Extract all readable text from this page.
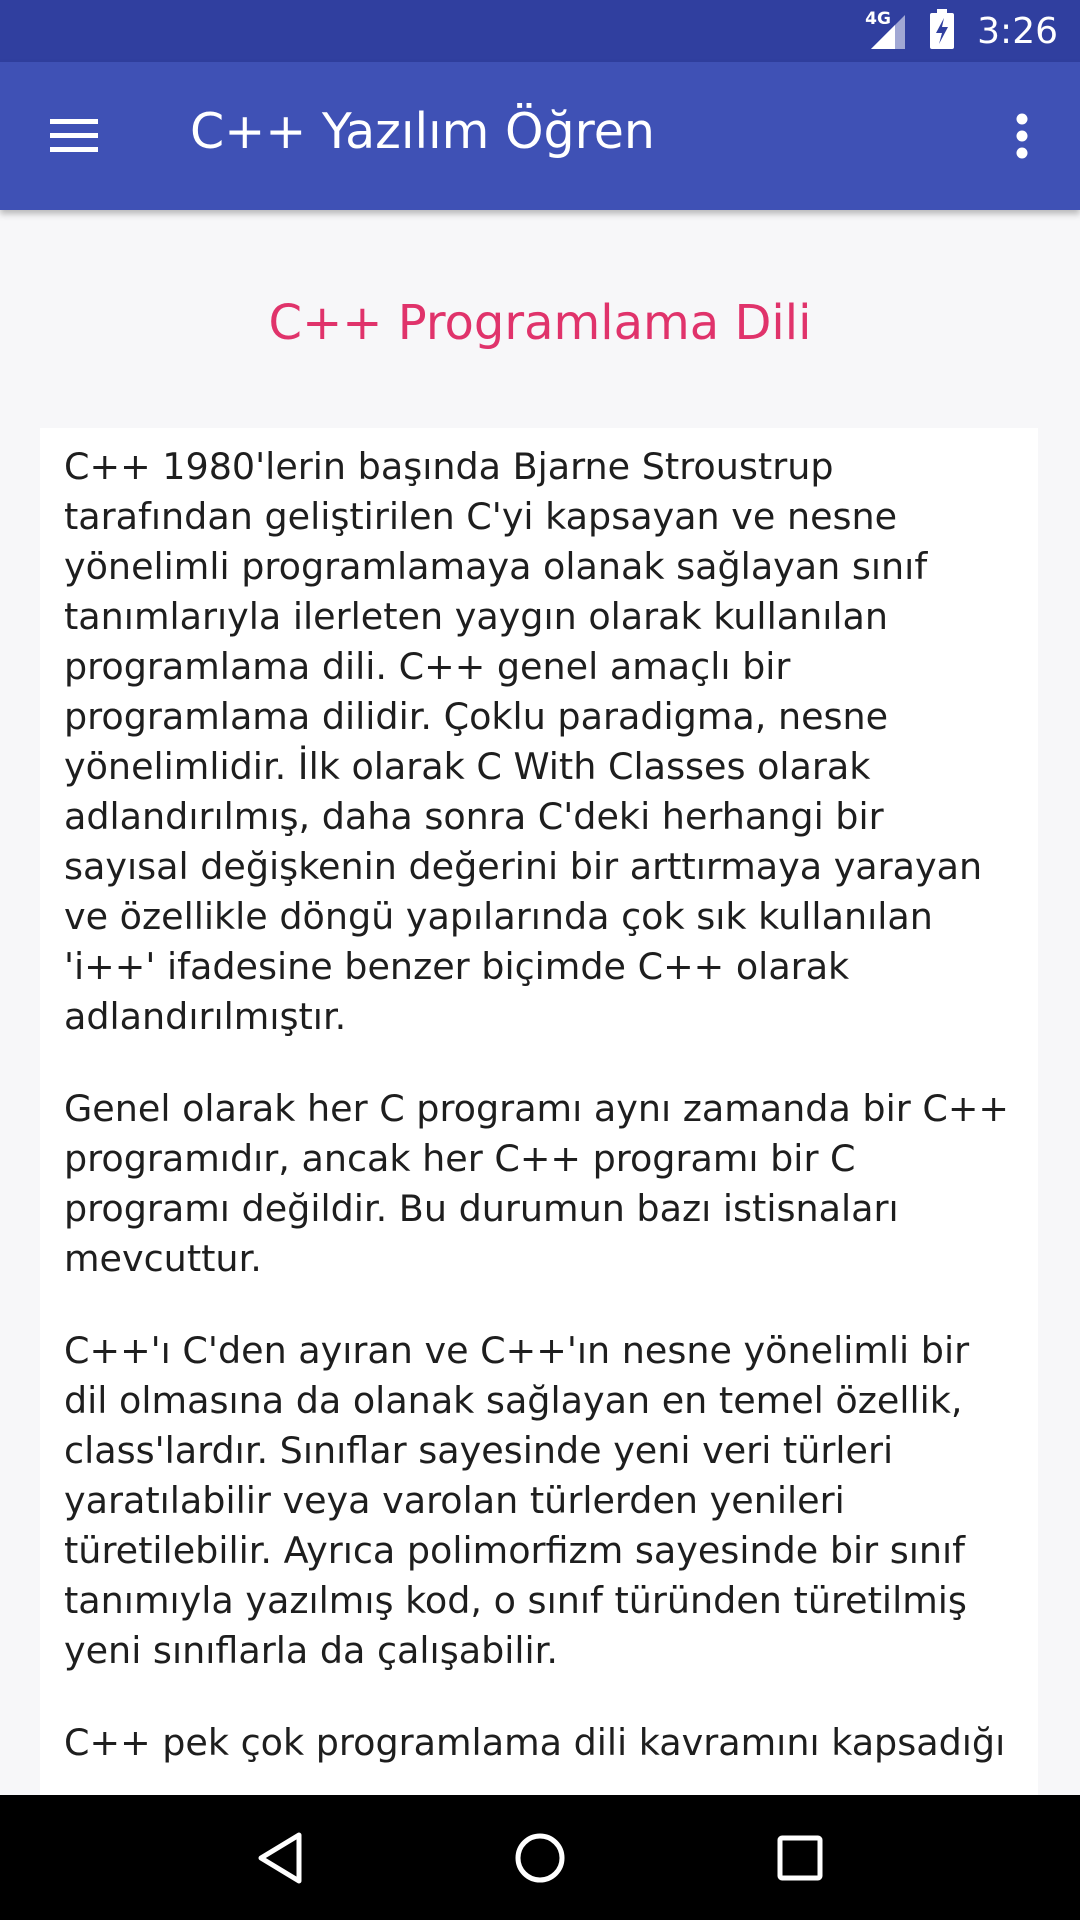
4G 3:26
C++ Yazılım Öğren
C++ Programlama Dili

C++ 1980'lerin başında Bjarne Stroustrup tarafından geliştirilen C'yi kapsayan ve nesne yönelimli programlamaya olanak sağlayan sınıf tanımlarıyla ilerleten yaygın olarak kullanılan programlama dili. C++ genel amaçlı bir programlama dilidir. Çoklu paradigma, nesne yönelimlidir. İlk olarak C With Classes olarak adlandırılmış, daha sonra C'deki herhangi bir sayısal değişkenin değerini bir arttırmaya yarayan ve özellikle döngü yapılarında çok sık kullanılan 'i++' ifadesine benzer biçimde C++ olarak adlandırılmıştır.

Genel olarak her C programı aynı zamanda bir C++ programıdır, ancak her C++ programı bir C programı değildir. Bu durumun bazı istisnaları mevcuttur.

C++'ı C'den ayıran ve C++'ın nesne yönelimli bir dil olmasına da olanak sağlayan en temel özellik, class'lardır. Sınıflar sayesinde yeni veri türleri yaratılabilir veya varolan türlerden yenileri türetilebilir. Ayrıca polimorfizm sayesinde bir sınıf tanımıyla yazılmış kod, o sınıf türünden türetilmiş yeni sınıflarla da çalışabilir.

C++ pek çok programlama dili kavramını kapsadığı
